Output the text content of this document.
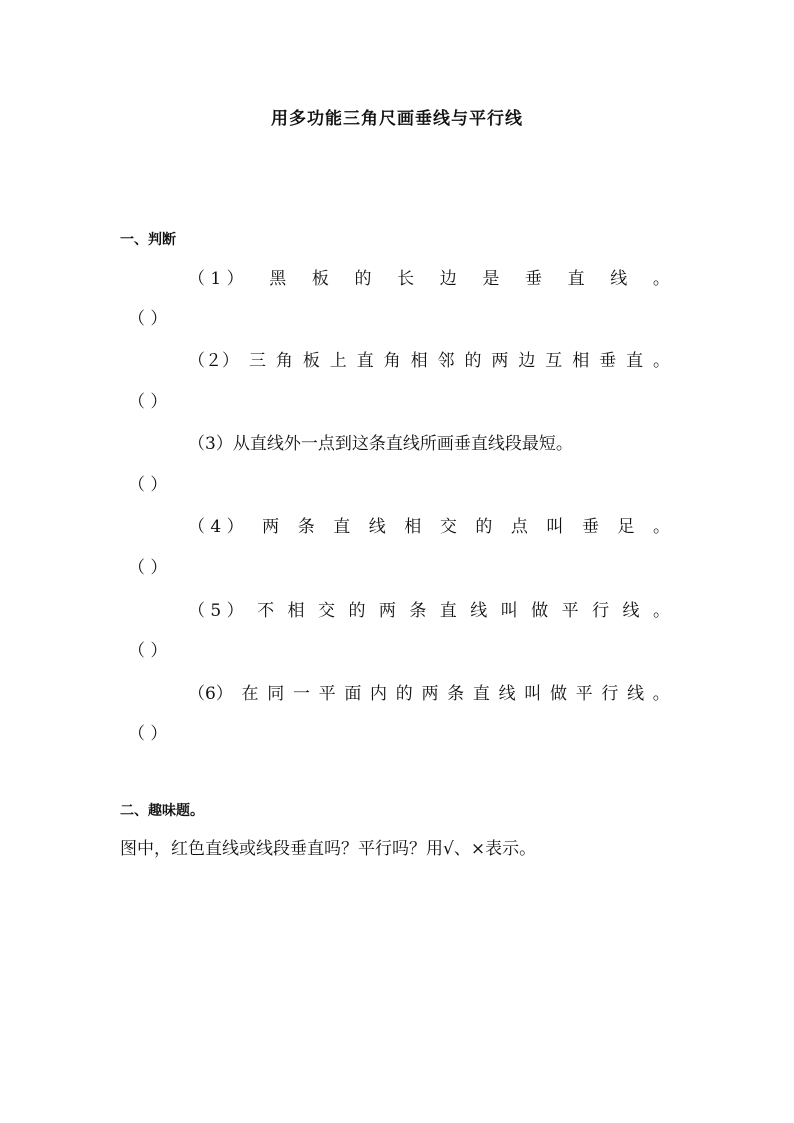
用多功能三角尺画垂线与平行线
一、判断
（ 1 ） 黑 板 的 长 边 是 垂 直 线 。
（ ）
（２） 三 角 板 上 直 角 相 邻 的 两 边 互 相 垂 直 。
（ ）
（3）从直线外一点到这条直线所画垂直线段最短。
（ ）
（ 4 ） 两 条 直 线 相 交 的 点 叫 垂 足 。
（ ）
（ 5 ） 不 相 交 的 两 条 直 线 叫 做 平 行 线 。
（ ）
（6） 在 同 一 平 面 内 的 两 条 直 线 叫 做 平 行 线 。
（ ）
二、趣味题。
图中，红色直线或线段垂直吗？平行吗？用√、×表示。
